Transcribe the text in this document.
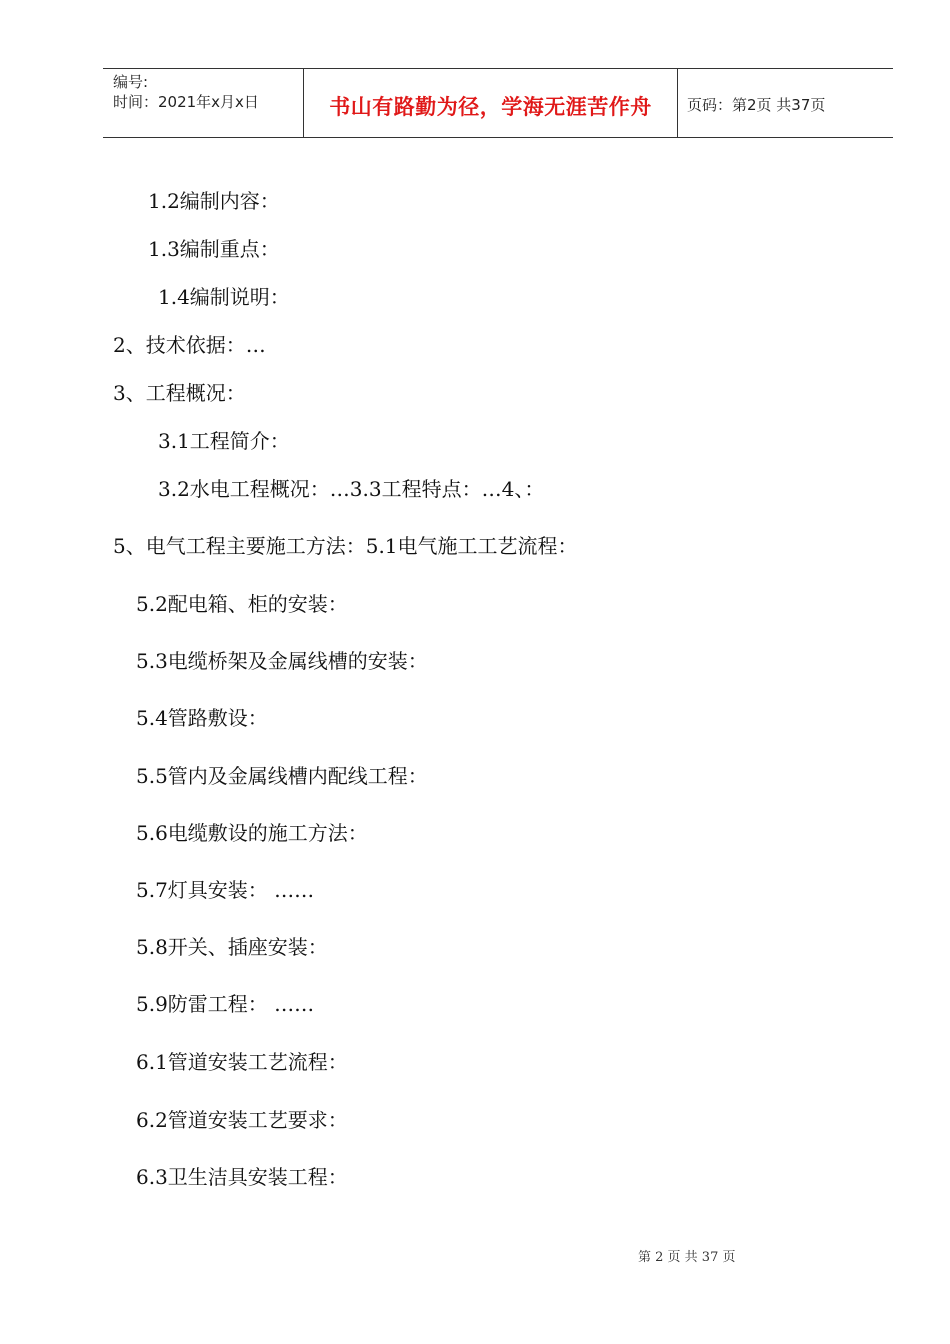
编号:
时间：2021年x月x日	书山有路勤为径，学海无涯苦作舟	页码：第2页 共37页
1.2编制内容：
1.3编制重点：
1.4编制说明：
2、技术依据：…
3、工程概况：
3.1工程简介：
3.2水电工程概况：…3.3工程特点：…4、：
5、电气工程主要施工方法：5.1电气施工工艺流程：
5.2配电箱、柜的安装：
5.3电缆桥架及金属线槽的安装：
5.4管路敷设：
5.5管内及金属线槽内配线工程：
5.6电缆敷设的施工方法：
5.7灯具安装： ……
5.8开关、插座安装：
5.9防雷工程： ……
6.1管道安装工艺流程：
6.2管道安装工艺要求：
6.3卫生洁具安装工程：
第 2 页 共 37 页
